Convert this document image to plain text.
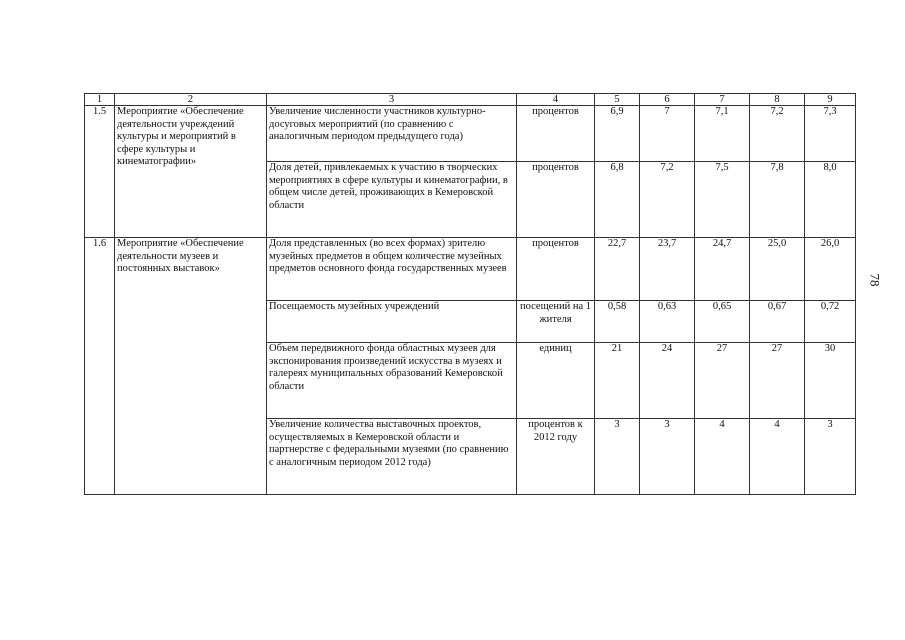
78
1	2	3	4	5	6	7	8	9
1.5	Мероприятие «Обеспечение деятельности учреждений культуры и мероприятий в сфере культуры и кинематографии»	Увеличение численности участников культурно-досуговых мероприятий (по сравнению с аналогичным периодом предыдущего года)	процентов	6,9	7	7,1	7,2	7,3
		Доля детей, привлекаемых к участию в творческих мероприятиях в сфере культуры и кинематографии, в общем числе детей, проживающих в Кемеровской области	процентов	6,8	7,2	7,5	7,8	8,0
1.6	Мероприятие «Обеспечение деятельности музеев и постоянных выставок»	Доля представленных (во всех формах) зрителю музейных предметов в общем количестве музейных предметов основного фонда государственных музеев	процентов	22,7	23,7	24,7	25,0	26,0
		Посещаемость музейных учреждений	посещений на 1 жителя	0,58	0,63	0,65	0,67	0,72
		Объем передвижного фонда областных музеев для экспонирования произведений искусства в музеях и галереях муниципальных образований Кемеровской области	единиц	21	24	27	27	30
		Увеличение количества выставочных проектов, осуществляемых в Кемеровской области и партнерстве с федеральными музеями (по сравнению с аналогичным периодом 2012 года)	процентов к 2012 году	3	3	4	4	3
